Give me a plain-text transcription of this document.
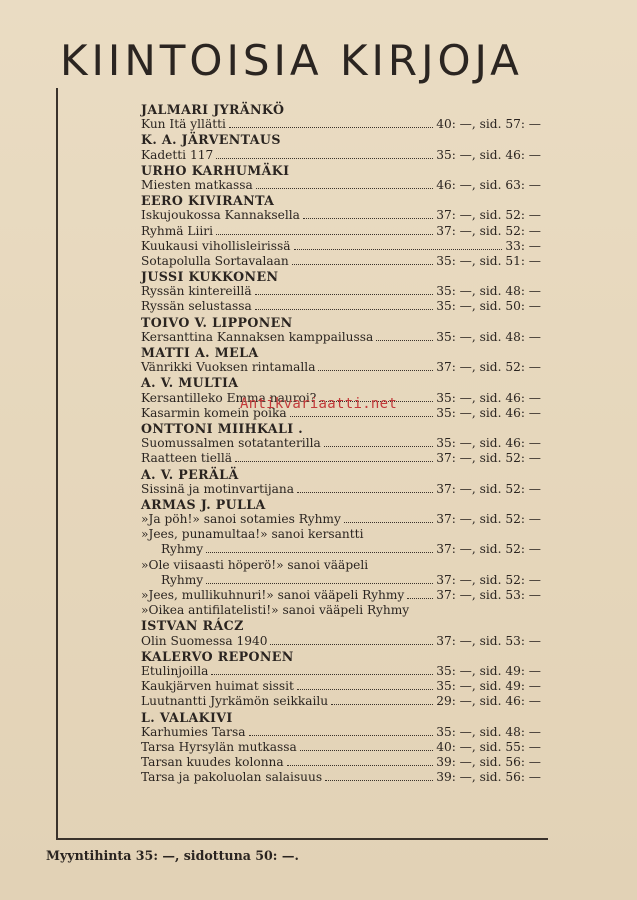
KIINTOISIA KIRJOJA
JALMARI JYRÄNKÖ
Kun Itä yllätti	40: —, sid. 57: —
K. A. JÄRVENTAUS
Kadetti 117	35: —, sid. 46: —
URHO KARHUMÄKI
Miesten matkassa	46: —, sid. 63: —
EERO KIVIRANTA
Iskujoukossa Kannaksella	37: —, sid. 52: —
Ryhmä Liiri	37: —, sid. 52: —
Kuukausi vihollisleirissä	33: —
Sotapolulla Sortavalaan	35: —, sid. 51: —
JUSSI KUKKONEN
Ryssän kintereillä	35: —, sid. 48: —
Ryssän selustassa	35: —, sid. 50: —
TOIVO V. LIPPONEN
Kersanttina Kannaksen kamppailussa	35: —, sid. 48: —
MATTI A. MELA
Vänrikki Vuoksen rintamalla	37: —, sid. 52: —
A. V. MULTIA
Kersantilleko Emma nauroi?	35: —, sid. 46: —
Kasarmin komein poika	35: —, sid. 46: —
ONTTONI MIIHKALI .
Suomussalmen sotatanterilla	35: —, sid. 46: —
Raatteen tiellä	37: —, sid. 52: —
A. V. PERÄLÄ
Sissinä ja motinvartijana	37: —, sid. 52: —
ARMAS J. PULLA
»Ja pöh!» sanoi sotamies Ryhmy	37: —, sid. 52: —
»Jees, punamultaa!» sanoi kersantti
Ryhmy	37: —, sid. 52: —
»Ole viisaasti höperö!» sanoi vääpeli
Ryhmy	37: —, sid. 52: —
»Jees, mullikuhnuri!» sanoi vääpeli Ryhmy	37: —, sid. 53: —
»Oikea antifilatelisti!» sanoi vääpeli Ryhmy
ISTVAN RÁCZ
Olin Suomessa 1940	37: —, sid. 53: —
KALERVO REPONEN
Etulinjoilla	35: —, sid. 49: —
Kaukjärven huimat sissit	35: —, sid. 49: —
Luutnantti Jyrkämön seikkailu	29: —, sid. 46: —
L. VALAKIVI
Karhumies Tarsa	35: —, sid. 48: —
Tarsa Hyrsylän mutkassa	40: —, sid. 55: —
Tarsan kuudes kolonna	39: —, sid. 56: —
Tarsa ja pakoluolan salaisuus	39: —, sid. 56: —
Antikvariaatti.net
Myyntihinta 35: —, sidottuna 50: —.
